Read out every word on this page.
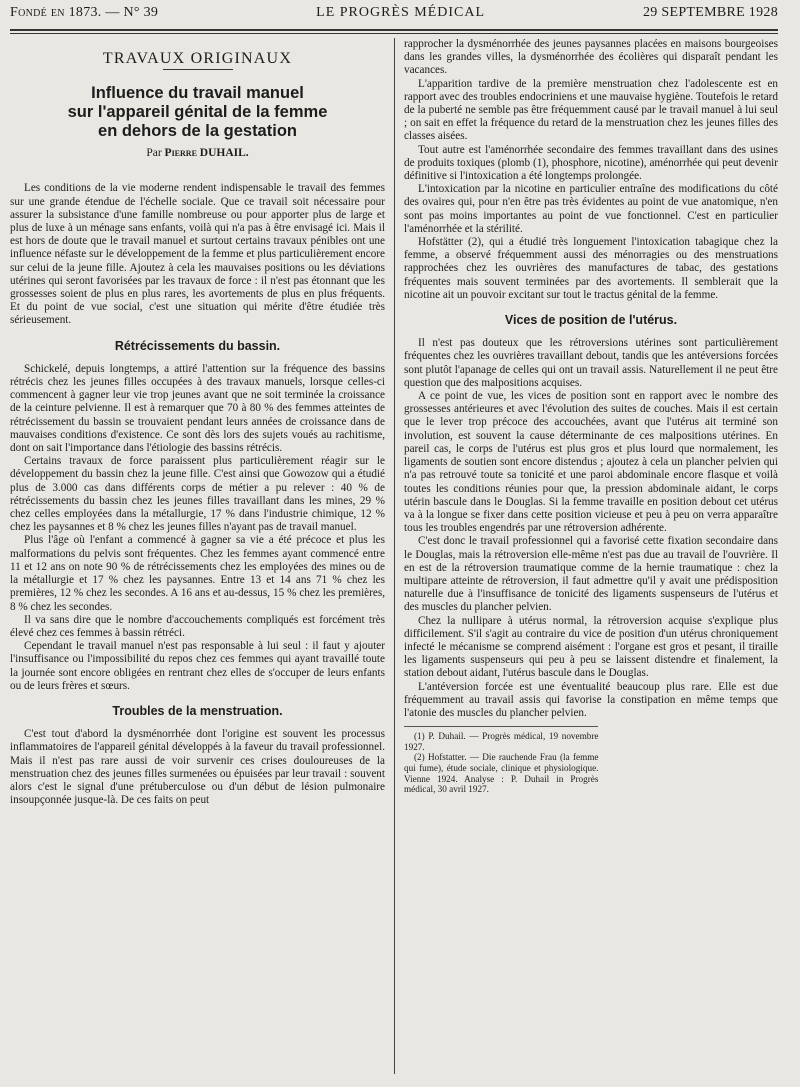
Fondé en 1873. — N° 39	LE PROGRÈS MÉDICAL	29 SEPTEMBRE 1928
TRAVAUX ORIGINAUX
Influence du travail manuel
sur l'appareil génital de la femme
en dehors de la gestation
Par Pierre DUHAIL.

Les conditions de la vie moderne rendent indispensable le travail des femmes sur une grande étendue de l'échelle sociale. Que ce travail soit nécessaire pour assurer la subsistance d'une famille nombreuse ou pour apporter plus de large et plus de luxe à un ménage sans enfants, voilà qui n'a pas à être envisagé ici. Mais il est hors de doute que le travail manuel et surtout certains travaux pénibles ont une influence néfaste sur le développement de la femme et plus particulièrement encore sur celui de la jeune fille. Ajoutez à cela les mauvaises positions ou les déviations utérines qui seront favorisées par les travaux de force : il n'est pas étonnant que les grossesses soient de plus en plus rares, les avortements de plus en plus fréquents. Et du point de vue social, c'est une situation qui mérite d'être étudiée très sérieusement.

Rétrécissements du bassin.

Schickelé, depuis longtemps, a attiré l'attention sur la fréquence des bassins rétrécis chez les jeunes filles occupées à des travaux manuels, lorsque celles-ci commencent à gagner leur vie trop jeunes avant que ne soit terminée la croissance de la ceinture pelvienne. Il est à remarquer que 70 à 80 % des femmes atteintes de rétrécissement du bassin se trouvaient pendant leurs années de croissance dans de mauvaises conditions d'existence. Ce sont dès lors des sujets voués au rachitisme, dont on sait l'importance dans l'étiologie des bassins rétrécis.

Certains travaux de force paraissent plus particulièrement réagir sur le développement du bassin chez la jeune fille. C'est ainsi que Gowozow qui a étudié plus de 3.000 cas dans différents corps de métier a pu relever : 40 % de rétrécissements du bassin chez les jeunes filles travaillant dans les mines, 29 % chez celles employées dans la métallurgie, 17 % dans l'industrie chimique, 12 % chez les paysannes et 8 % chez les jeunes filles n'ayant pas de travail manuel.

Plus l'âge où l'enfant a commencé à gagner sa vie a été précoce et plus les malformations du pelvis sont fréquentes. Chez les femmes ayant commencé entre 11 et 12 ans on note 90 % de rétrécissements chez les employées des mines ou de la métallurgie et 17 % chez les paysannes. Entre 13 et 14 ans 71 % chez les premières, 12 % chez les secondes. A 16 ans et au-dessus, 15 % chez les premières, 8 % chez les secondes.

Il va sans dire que le nombre d'accouchements compliqués est forcément très élevé chez ces femmes à bassin rétréci.

Cependant le travail manuel n'est pas responsable à lui seul : il faut y ajouter l'insuffisance ou l'impossibilité du repos chez ces femmes qui ayant travaillé toute la journée sont encore obligées en rentrant chez elles de s'occuper de leurs enfants ou de leurs frères et sœurs.

Troubles de la menstruation.

C'est tout d'abord la dysménorrhée dont l'origine est souvent les processus inflammatoires de l'appareil génital développés à la faveur du travail professionnel. Mais il n'est pas rare aussi de voir survenir ces crises douloureuses de la menstruation chez des jeunes filles surmenées ou épuisées par leur travail : souvent alors c'est le signal d'une prétuberculose ou d'un début de lésion pulmonaire insoupçonnée jusque-là. De ces faits on peut

rapprocher la dysménorrhée des jeunes paysannes placées en maisons bourgeoises dans les grandes villes, la dysménorrhée des écolières qui disparaît pendant les vacances.

L'apparition tardive de la première menstruation chez l'adolescente est en rapport avec des troubles endocriniens et une mauvaise hygiène. Toutefois le retard de la puberté ne semble pas être fréquemment causé par le travail manuel à lui seul ; on sait en effet la fréquence du retard de la menstruation chez les jeunes filles des classes aisées.

Tout autre est l'aménorrhée secondaire des femmes travaillant dans des usines de produits toxiques (plomb (1), phosphore, nicotine), aménorrhée qui peut devenir définitive si l'intoxication a été longtemps prolongée.

L'intoxication par la nicotine en particulier entraîne des modifications du côté des ovaires qui, pour n'en être pas très évidentes au point de vue anatomique, n'en sont pas moins importantes au point de vue fonctionnel. C'est en particulier l'aménorrhée et la stérilité.

Hofstätter (2), qui a étudié très longuement l'intoxication tabagique chez la femme, a observé fréquemment aussi des ménorragies ou des menstruations rapprochées chez les ouvrières des manufactures de tabac, des gestations fréquentes mais souvent terminées par des avortements. Il semblerait que la nicotine ait un pouvoir excitant sur tout le tractus génital de la femme.

Vices de position de l'utérus.

Il n'est pas douteux que les rétroversions utérines sont particulièrement fréquentes chez les ouvrières travaillant debout, tandis que les antéversions forcées sont plutôt l'apanage de celles qui ont un travail assis. Naturellement il ne peut être question que des malpositions acquises.

A ce point de vue, les vices de position sont en rapport avec le nombre des grossesses antérieures et avec l'évolution des suites de couches. Mais il est certain que le lever trop précoce des accouchées, avant que l'utérus ait terminé son involution, est souvent la cause déterminante de ces malpositions utérines. En pareil cas, le corps de l'utérus est plus gros et plus lourd que normalement, les ligaments de soutien sont encore distendus ; ajoutez à cela un plancher pelvien qui n'a pas retrouvé toute sa tonicité et une paroi abdominale encore flasque et voilà toutes les conditions réunies pour que, la pression abdominale aidant, le corps utérin bascule dans le Douglas. Si la femme travaille en position debout cet utérus va à la longue se fixer dans cette position vicieuse et peu à peu on verra apparaître tous les troubles engendrés par une rétroversion adhérente.

C'est donc le travail professionnel qui a favorisé cette fixation secondaire dans le Douglas, mais la rétroversion elle-même n'est pas due au travail de l'ouvrière. Il en est de la rétroversion traumatique comme de la hernie traumatique : chez la multipare atteinte de rétroversion, il faut admettre qu'il y avait une prédisposition naturelle due à l'insuffisance de tonicité des ligaments suspenseurs de l'utérus et des muscles du plancher pelvien.

Chez la nullipare à utérus normal, la rétroversion acquise s'explique plus difficilement. S'il s'agit au contraire du vice de position d'un utérus chroniquement infecté le mécanisme se comprend aisément : l'organe est gros et pesant, il tiraille les ligaments suspenseurs qui peu à peu se laissent distendre et finalement, la station debout aidant, l'utérus bascule dans le Douglas.

L'antéversion forcée est une éventualité beaucoup plus rare. Elle est due fréquemment au travail assis qui favorise la constipation en même temps que l'atonie des muscles du plancher pelvien.

(1) P. Duhail. — Progrès médical, 19 novembre 1927.

(2) Hofstatter. — Die rauchende Frau (la femme qui fume), étude sociale, clinique et physiologique. Vienne 1924. Analyse : P. Duhail in Progrès médical, 30 avril 1927.
